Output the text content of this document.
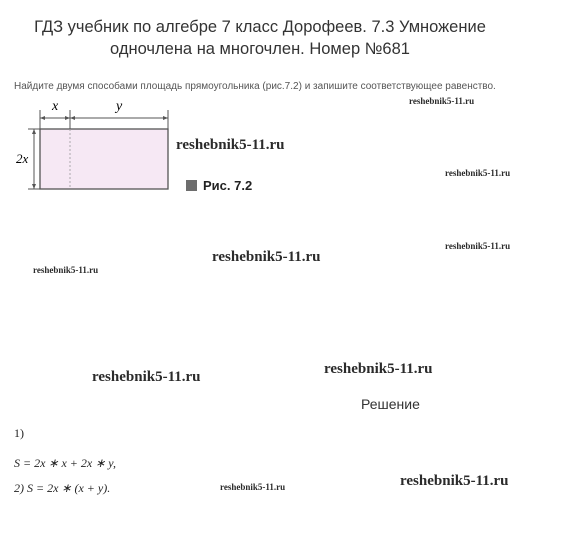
ГДЗ учебник по алгебре 7 класс Дорофеев. 7.3 Умножение
одночлена на многочлен. Номер №681
Найдите двумя способами площадь прямоугольника (рис.7.2) и запишите соответствующее равенство.
x	y
2x
Рис. 7.2
reshebnik5-11.ru
reshebnik5-11.ru
reshebnik5-11.ru
reshebnik5-11.ru
reshebnik5-11.ru
reshebnik5-11.ru
reshebnik5-11.ru
reshebnik5-11.ru
reshebnik5-11.ru	reshebnik5-11.ru
Решение
1)
S = 2x ∗ x + 2x ∗ y,
2) S = 2x ∗ (x + y).
